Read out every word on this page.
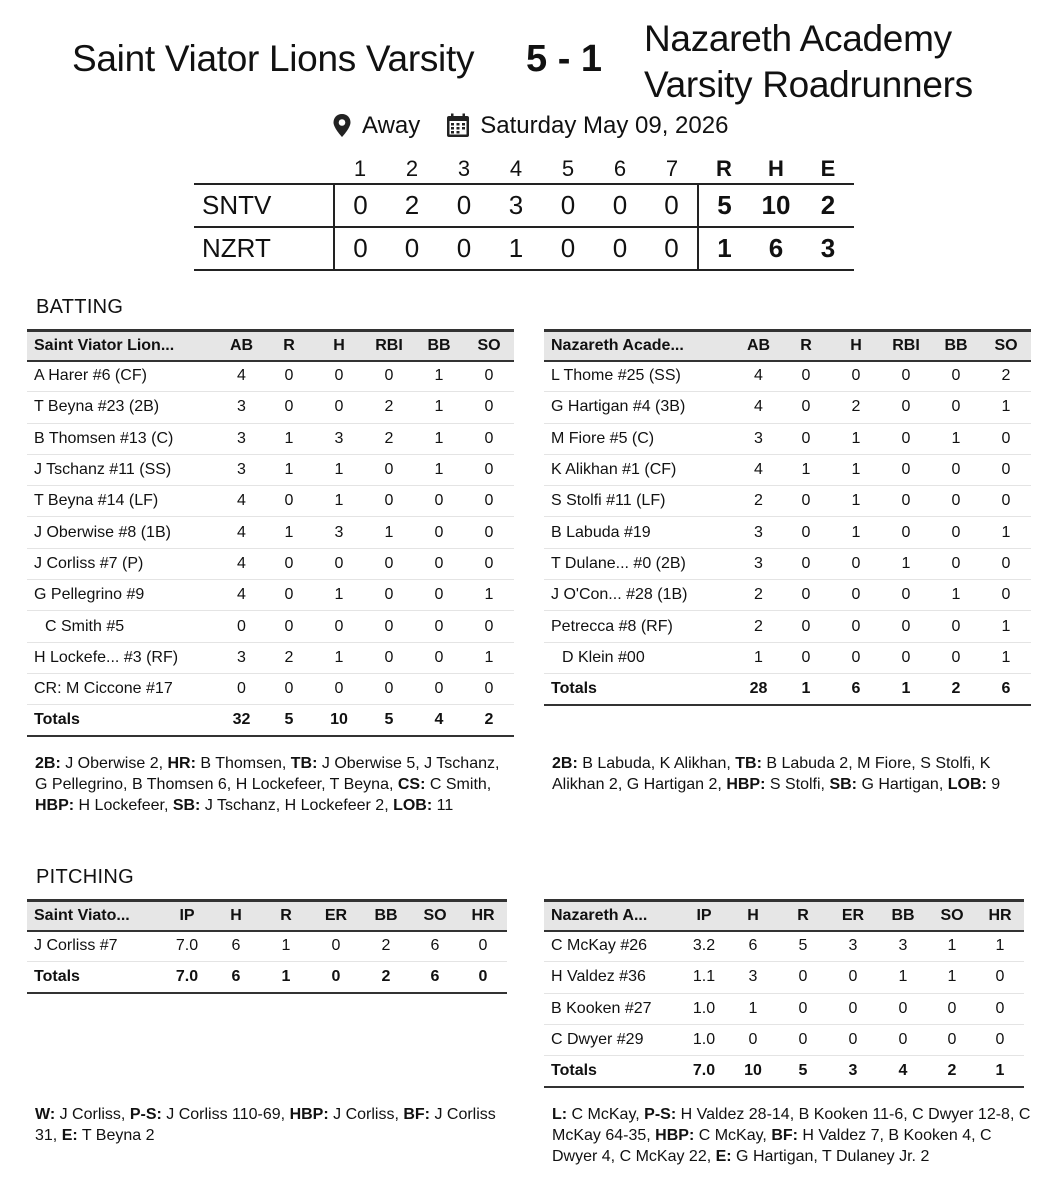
Saint Viator Lions Varsity 5 - 1 Nazareth Academy
Varsity Roadrunners
Away	Saturday May 09, 2026
	1	2	3	4	5	6	7	R	H	E
SNTV	0	2	0	3	0	0	0	5	10	2
NZRT	0	0	0	1	0	0	0	1	6	3
BATTING
Saint Viator Lion...	AB	R	H	RBI	BB	SO
A Harer #6 (CF)	4	0	0	0	1	0
T Beyna #23 (2B)	3	0	0	2	1	0
B Thomsen #13 (C)	3	1	3	2	1	0
J Tschanz #11 (SS)	3	1	1	0	1	0
T Beyna #14 (LF)	4	0	1	0	0	0
J Oberwise #8 (1B)	4	1	3	1	0	0
J Corliss #7 (P)	4	0	0	0	0	0
G Pellegrino #9	4	0	1	0	0	1
C Smith #5	0	0	0	0	0	0
H Lockefe... #3 (RF)	3	2	1	0	0	1
CR: M Ciccone #17	0	0	0	0	0	0
Totals	32	5	10	5	4	2
Nazareth Acade...	AB	R	H	RBI	BB	SO
L Thome #25 (SS)	4	0	0	0	0	2
G Hartigan #4 (3B)	4	0	2	0	0	1
M Fiore #5 (C)	3	0	1	0	1	0
K Alikhan #1 (CF)	4	1	1	0	0	0
S Stolfi #11 (LF)	2	0	1	0	0	0
B Labuda #19	3	0	1	0	0	1
T Dulane... #0 (2B)	3	0	0	1	0	0
J O'Con... #28 (1B)	2	0	0	0	1	0
Petrecca #8 (RF)	2	0	0	0	0	1
D Klein #00	1	0	0	0	0	1
Totals	28	1	6	1	2	6
2B: J Oberwise 2, HR: B Thomsen, TB: J Oberwise 5, J Tschanz, G Pellegrino, B Thomsen 6, H Lockefeer, T Beyna, CS: C Smith, HBP: H Lockefeer, SB: J Tschanz, H Lockefeer 2, LOB: 11
2B: B Labuda, K Alikhan, TB: B Labuda 2, M Fiore, S Stolfi, K Alikhan 2, G Hartigan 2, HBP: S Stolfi, SB: G Hartigan, LOB: 9
PITCHING
Saint Viato...	IP	H	R	ER	BB	SO	HR
J Corliss #7	7.0	6	1	0	2	6	0
Totals	7.0	6	1	0	2	6	0
Nazareth A...	IP	H	R	ER	BB	SO	HR
C McKay #26	3.2	6	5	3	3	1	1
H Valdez #36	1.1	3	0	0	1	1	0
B Kooken #27	1.0	1	0	0	0	0	0
C Dwyer #29	1.0	0	0	0	0	0	0
Totals	7.0	10	5	3	4	2	1
W: J Corliss, P-S: J Corliss 110-69, HBP: J Corliss, BF: J Corliss 31, E: T Beyna 2
L: C McKay, P-S: H Valdez 28-14, B Kooken 11-6, C Dwyer 12-8, C McKay 64-35, HBP: C McKay, BF: H Valdez 7, B Kooken 4, C Dwyer 4, C McKay 22, E: G Hartigan, T Dulaney Jr. 2
